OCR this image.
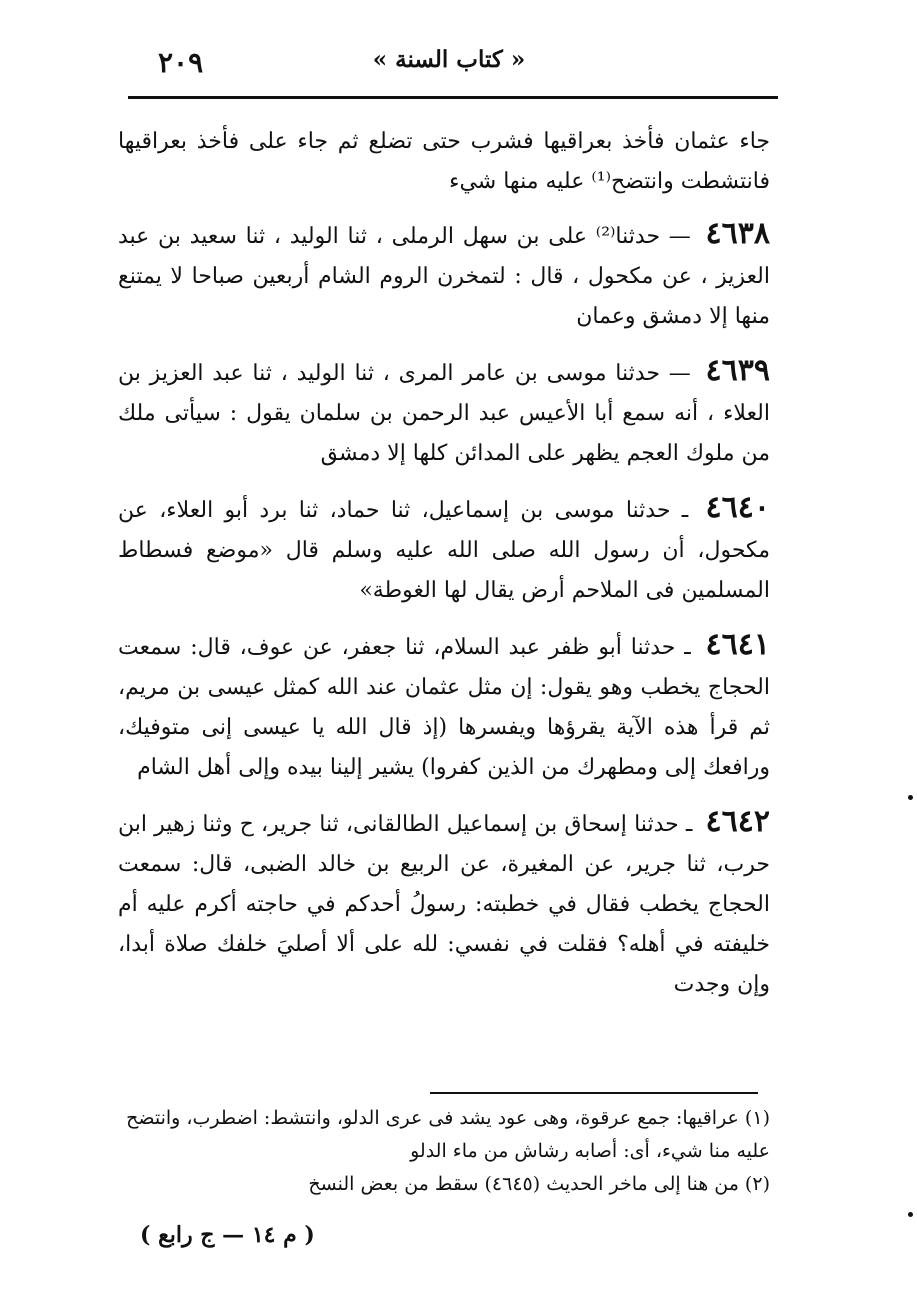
« كتاب السنة »
٢٠٩

جاء عثمان فأخذ بعراقيها فشرب حتى تضلع ثم جاء على فأخذ بعراقيها فانتشطت وانتضح⁽¹⁾ عليه منها شيء

٤٦٣٨ — حدثنا⁽²⁾ على بن سهل الرملى ، ثنا الوليد ، ثنا سعيد بن عبد العزيز ، عن مكحول ، قال : لتمخرن الروم الشام أربعين صباحا لا يمتنع منها إلا دمشق وعمان

٤٦٣٩ — حدثنا موسى بن عامر المرى ، ثنا الوليد ، ثنا عبد العزيز بن العلاء ، أنه سمع أبا الأعيس عبد الرحمن بن سلمان يقول : سيأتى ملك من ملوك العجم يظهر على المدائن كلها إلا دمشق

٤٦٤٠ ـ حدثنا موسى بن إسماعيل، ثنا حماد، ثنا برد أبو العلاء، عن مكحول، أن رسول الله صلى الله عليه وسلم قال «موضع فسطاط المسلمين فى الملاحم أرض يقال لها الغوطة»

٤٦٤١ ـ حدثنا أبو ظفر عبد السلام، ثنا جعفر، عن عوف، قال: سمعت الحجاج يخطب وهو يقول: إن مثل عثمان عند الله كمثل عيسى بن مريم، ثم قرأ هذه الآية يقرؤها ويفسرها (إذ قال الله يا عيسى إنى متوفيك، ورافعك إلى ومطهرك من الذين كفروا) يشير إلينا بيده وإلى أهل الشام

٤٦٤٢ ـ حدثنا إسحاق بن إسماعيل الطالقانى، ثنا جرير، ح وثنا زهير ابن حرب، ثنا جرير، عن المغيرة، عن الربيع بن خالد الضبى، قال: سمعت الحجاج يخطب فقال في خطبته: رسولُ أحدكم في حاجته أكرم عليه أم خليفته في أهله؟ فقلت في نفسي: لله على ألا أصليَ خلفك صلاة أبدا، وإن وجدت

(١) عراقيها: جمع عرقوة، وهى عود يشد فى عرى الدلو، وانتشط: اضطرب، وانتضح عليه منا شيء، أى: أصابه رشاش من ماء الدلو

(٢) من هنا إلى ماخر الحديث (٤٦٤٥) سقط من بعض النسخ

( م ١٤ — ج رابع )
